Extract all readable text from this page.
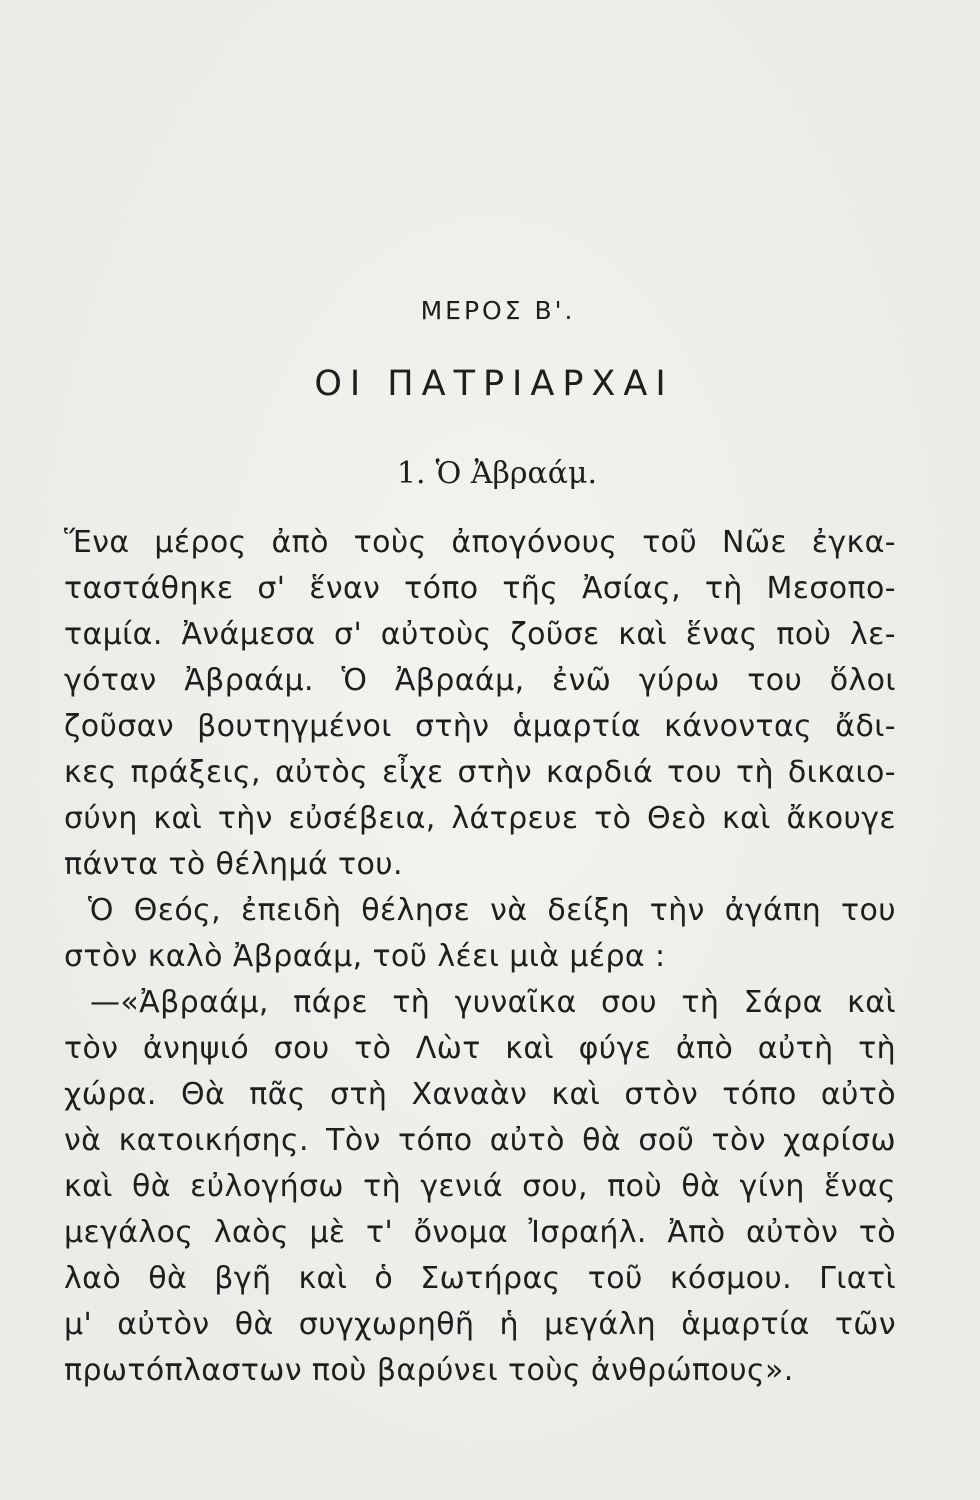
ΜΕΡΟΣ Β'.
ΟΙ ΠΑΤΡΙΑΡΧΑΙ
1. Ὁ Ἀβραάμ.
Ἕνα μέρος ἀπὸ τοὺς ἀπογόνους τοῦ Νῶε ἐγκα-
ταστάθηκε σ' ἕναν τόπο τῆς Ἀσίας, τὴ Μεσοπο-
ταμία. Ἀνάμεσα σ' αὐτοὺς ζοῦσε καὶ ἕνας ποὺ λε-
γόταν Ἀβραάμ. Ὁ Ἀβραάμ, ἐνῶ γύρω του ὅλοι
ζοῦσαν βουτηγμένοι στὴν ἁμαρτία κάνοντας ἄδι-
κες πράξεις, αὐτὸς εἶχε στὴν καρδιά του τὴ δικαιο-
σύνη καὶ τὴν εὐσέβεια, λάτρευε τὸ Θεὸ καὶ ἄκουγε
πάντα τὸ θέλημά του.
Ὁ Θεός, ἐπειδὴ θέλησε νὰ δείξη τὴν ἀγάπη του
στὸν καλὸ Ἀβραάμ, τοῦ λέει μιὰ μέρα :
—«Ἀβραάμ, πάρε τὴ γυναῖκα σου τὴ Σάρα καὶ
τὸν ἀνηψιό σου τὸ Λὼτ καὶ φύγε ἀπὸ αὐτὴ τὴ
χώρα. Θὰ πᾶς στὴ Χαναὰν καὶ στὸν τόπο αὐτὸ
νὰ κατοικήσης. Τὸν τόπο αὐτὸ θὰ σοῦ τὸν χαρίσω
καὶ θὰ εὐλογήσω τὴ γενιά σου, ποὺ θὰ γίνη ἕνας
μεγάλος λαὸς μὲ τ' ὄνομα Ἰσραήλ. Ἀπὸ αὐτὸν τὸ
λαὸ θὰ βγῆ καὶ ὁ Σωτήρας τοῦ κόσμου. Γιατὶ
μ' αὐτὸν θὰ συγχωρηθῆ ἡ μεγάλη ἁμαρτία τῶν
πρωτόπλαστων ποὺ βαρύνει τοὺς ἀνθρώπους».
